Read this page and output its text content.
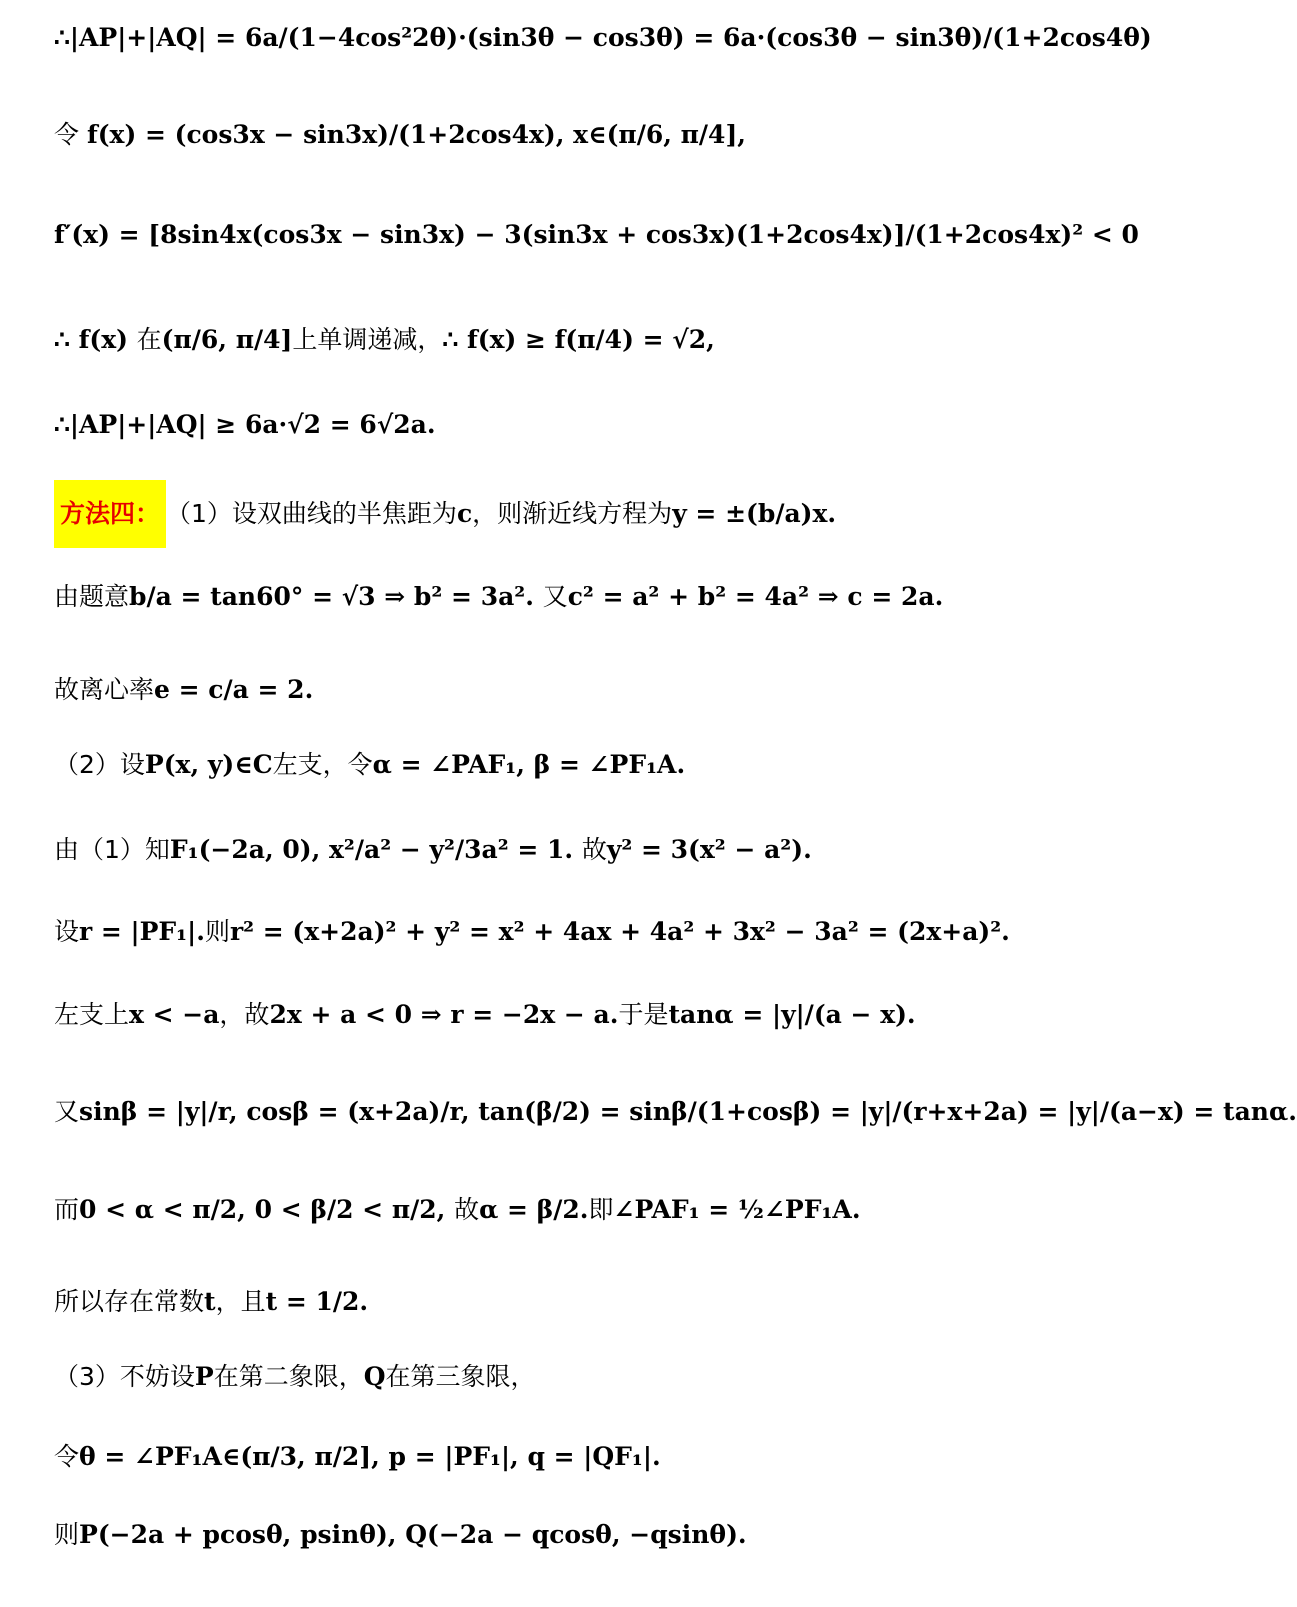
∴|AP|+|AQ| = 6a/(1−4cos²2θ)·(sin3θ − cos3θ) = 6a·(cos3θ − sin3θ)/(1+2cos4θ)
令 f(x) = (cos3x − sin3x)/(1+2cos4x), x∈(π/6, π/4],
f′(x) = [8sin4x(cos3x − sin3x) − 3(sin3x + cos3x)(1+2cos4x)]/(1+2cos4x)² < 0
∴ f(x) 在(π/6, π/4]上单调递减，∴ f(x) ≥ f(π/4) = √2,
∴|AP|+|AQ| ≥ 6a·√2 = 6√2a.
方法四： （1）设双曲线的半焦距为c，则渐近线方程为y = ±(b/a)x.
由题意b/a = tan60° = √3 ⇒ b² = 3a². 又c² = a² + b² = 4a² ⇒ c = 2a.
故离心率e = c/a = 2.
（2）设P(x, y)∈C左支，令α = ∠PAF₁, β = ∠PF₁A.
由（1）知F₁(−2a, 0), x²/a² − y²/3a² = 1. 故y² = 3(x² − a²).
设r = |PF₁|.则r² = (x+2a)² + y² = x² + 4ax + 4a² + 3x² − 3a² = (2x+a)².
左支上x < −a，故2x + a < 0 ⇒ r = −2x − a.于是tanα = |y|/(a − x).
又sinβ = |y|/r, cosβ = (x+2a)/r, tan(β/2) = sinβ/(1+cosβ) = |y|/(r+x+2a) = |y|/(a−x) = tanα.
而0 < α < π/2, 0 < β/2 < π/2, 故α = β/2.即∠PAF₁ = ½∠PF₁A.
所以存在常数t，且t = 1/2.
（3）不妨设P在第二象限，Q在第三象限，
令θ = ∠PF₁A∈(π/3, π/2], p = |PF₁|, q = |QF₁|.
则P(−2a + pcosθ, psinθ), Q(−2a − qcosθ, −qsinθ).
